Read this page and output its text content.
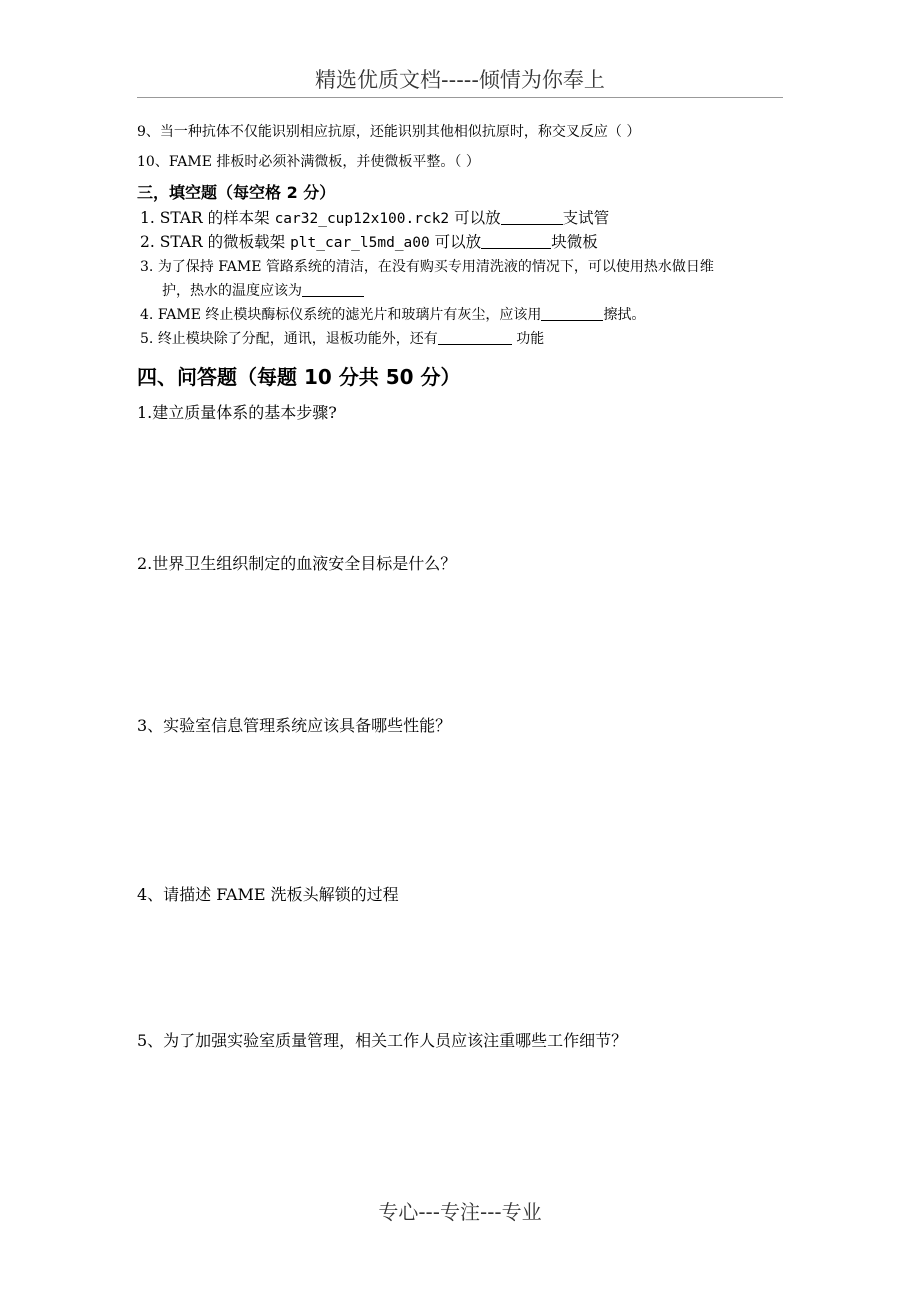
精选优质文档-----倾情为你奉上
9、当一种抗体不仅能识别相应抗原，还能识别其他相似抗原时，称交叉反应（ ）
10、FAME 排板时必须补满微板，并使微板平整。（ ）
三，填空题（每空格 2 分）
1. STAR 的样本架 car32_cup12x100.rck2 可以放	支试管
2. STAR 的微板载架 plt_car_l5md_a00 可以放	块微板
3. 为了保持 FAME 管路系统的清洁，在没有购买专用清洗液的情况下，可以使用热水做日维
护，热水的温度应该为
4. FAME 终止模块酶标仪系统的滤光片和玻璃片有灰尘，应该用	擦拭。
5. 终止模块除了分配，通讯，退板功能外，还有	功能
四、问答题（每题 10 分共 50 分）
1.建立质量体系的基本步骤?
2.世界卫生组织制定的血液安全目标是什么？
3、实验室信息管理系统应该具备哪些性能？
4、请描述 FAME 洗板头解锁的过程
5、为了加强实验室质量管理，相关工作人员应该注重哪些工作细节？
专心---专注---专业
